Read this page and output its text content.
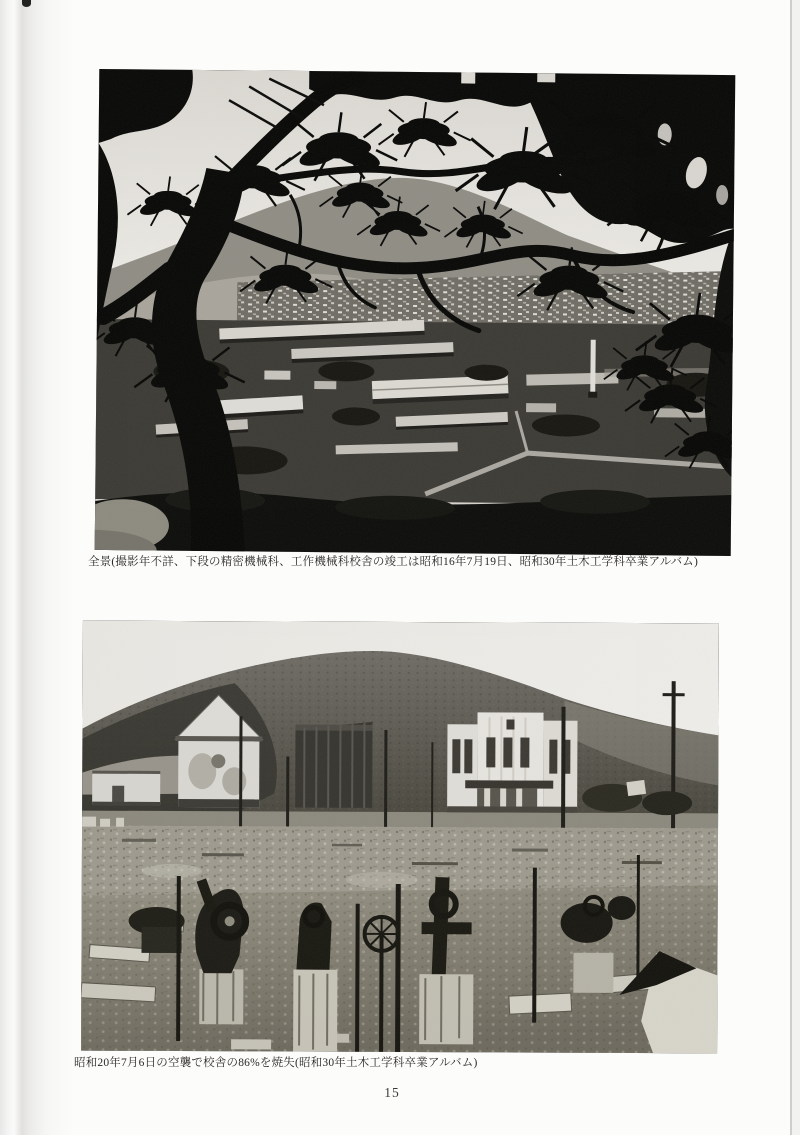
全景(撮影年不詳、下段の精密機械科、工作機械科校舎の竣工は昭和16年7月19日、昭和30年土木工学科卒業アルバム)
昭和20年7月6日の空襲で校舎の86%を焼失(昭和30年土木工学科卒業アルバム)
15
